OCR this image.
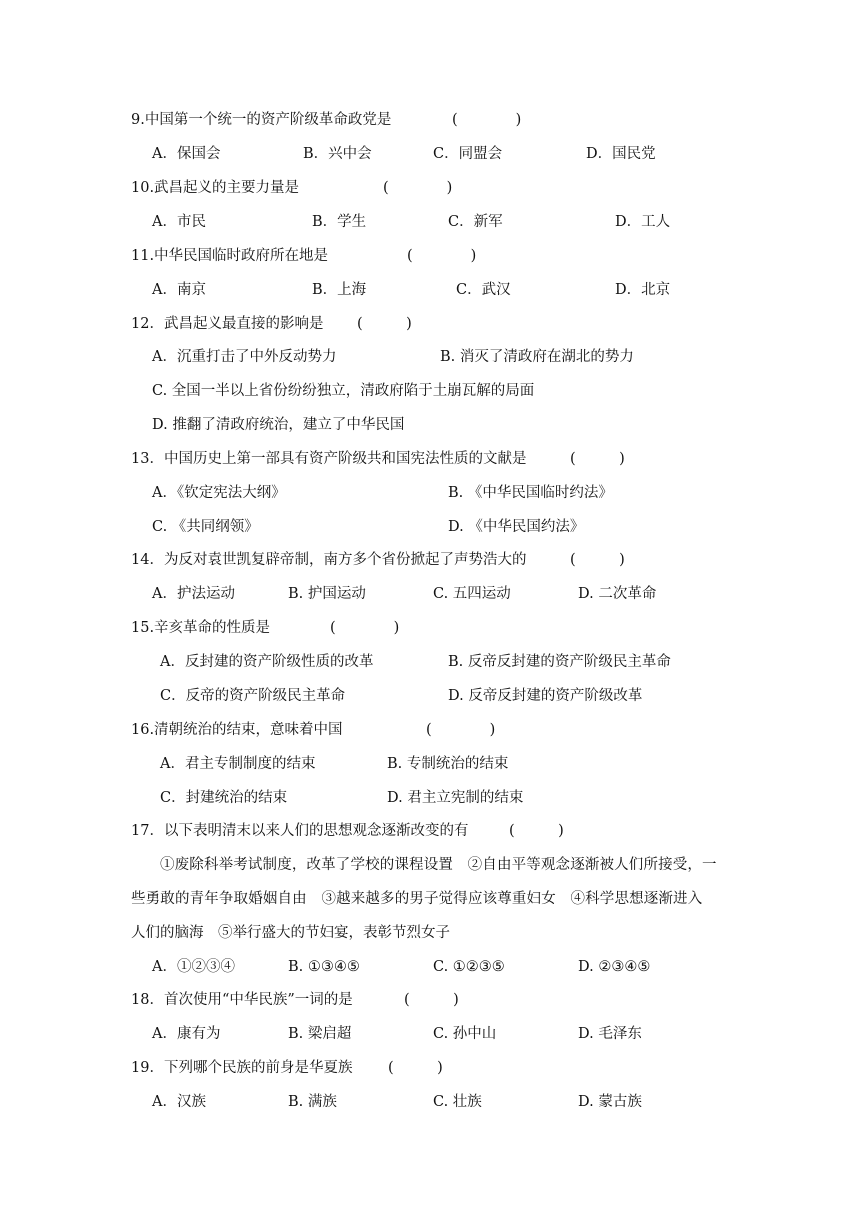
9.中国第一个统一的资产阶级革命政党是	(　　　　)
A．保国会	B．兴中会	C．同盟会	D．国民党
10.武昌起义的主要力量是	(　　　　)
A．市民	B．学生	C．新军	D．工人
11.中华民国临时政府所在地是	(　　　　)
A．南京	B．上海	C．武汉	D．北京
12．武昌起义最直接的影响是 (　　　)
A．沉重打击了中外反动势力	B. 消灭了清政府在湖北的势力
C. 全国一半以上省份纷纷独立，清政府陷于土崩瓦解的局面
D. 推翻了清政府统治，建立了中华民国
13．中国历史上第一部具有资产阶级共和国宪法性质的文献是	(　　　)
A．《钦定宪法大纲》	B. 《中华民国临时约法》
C. 《共同纲领》	D. 《中华民国约法》
14．为反对袁世凯复辟帝制，南方多个省份掀起了声势浩大的	(　　　)
A．护法运动	B. 护国运动	C. 五四运动	D. 二次革命
15.辛亥革命的性质是	(　　　　)
A．反封建的资产阶级性质的改革	B. 反帝反封建的资产阶级民主革命
C．反帝的资产阶级民主革命	D. 反帝反封建的资产阶级改革
16.清朝统治的结束，意味着中国	(　　　　)
A．君主专制制度的结束	B. 专制统治的结束
C．封建统治的结束	D. 君主立宪制的结束
17．以下表明清末以来人们的思想观念逐渐改变的有	(　　　)
①废除科举考试制度，改革了学校的课程设置　②自由平等观念逐渐被人们所接受，一
些勇敢的青年争取婚姻自由　③越来越多的男子觉得应该尊重妇女　④科学思想逐渐进入
人们的脑海　⑤举行盛大的节妇宴，表彰节烈女子
A．①②③④	B. ①③④⑤	C. ①②③⑤	D. ②③④⑤
18．首次使用“中华民族”一词的是	(　　　)
A．康有为	B. 梁启超	C. 孙中山	D. 毛泽东
19．下列哪个民族的前身是华夏族 (　　　)
A．汉族	B. 满族	C. 壮族	D. 蒙古族
